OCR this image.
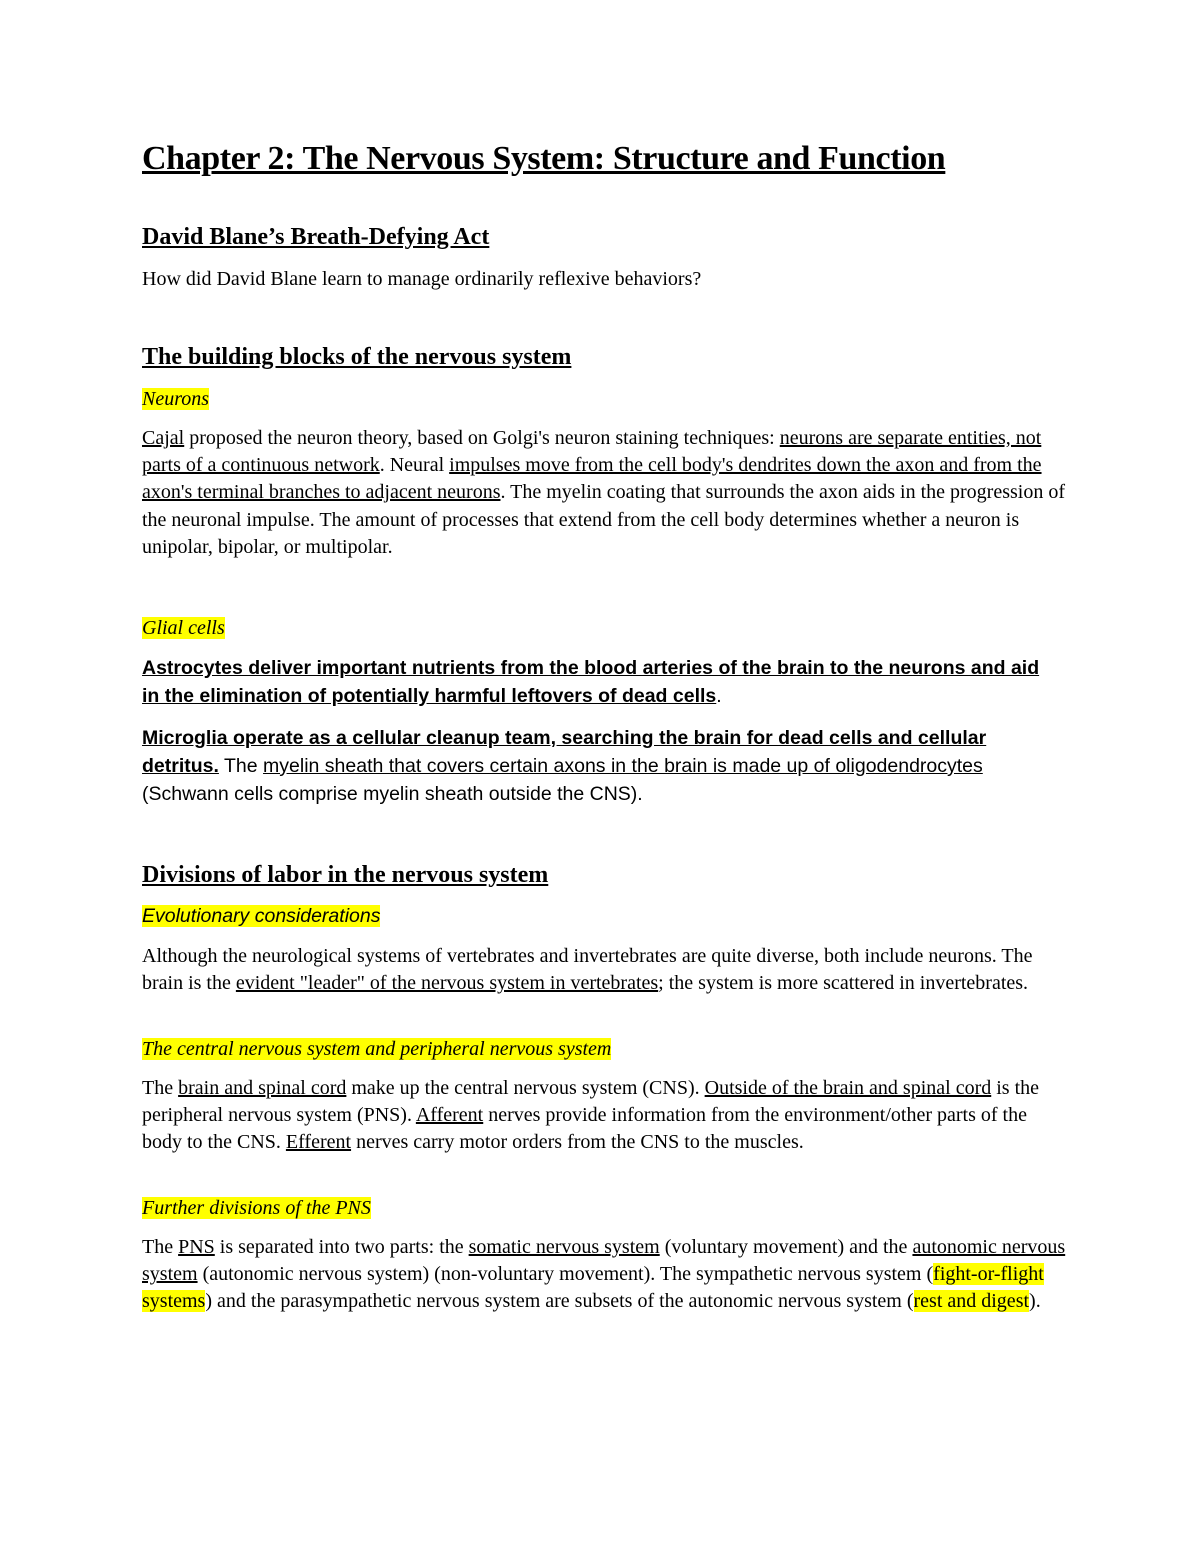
Chapter 2: The Nervous System: Structure and Function
David Blane’s Breath-Defying Act
How did David Blane learn to manage ordinarily reflexive behaviors?
The building blocks of the nervous system
Neurons
Cajal proposed the neuron theory, based on Golgi's neuron staining techniques: neurons are separate entities, not parts of a continuous network. Neural impulses move from the cell body's dendrites down the axon and from the axon's terminal branches to adjacent neurons. The myelin coating that surrounds the axon aids in the progression of the neuronal impulse. The amount of processes that extend from the cell body determines whether a neuron is unipolar, bipolar, or multipolar.
Glial cells
Astrocytes deliver important nutrients from the blood arteries of the brain to the neurons and aid in the elimination of potentially harmful leftovers of dead cells.
Microglia operate as a cellular cleanup team, searching the brain for dead cells and cellular detritus. The myelin sheath that covers certain axons in the brain is made up of oligodendrocytes (Schwann cells comprise myelin sheath outside the CNS).
Divisions of labor in the nervous system
Evolutionary considerations
Although the neurological systems of vertebrates and invertebrates are quite diverse, both include neurons. The brain is the evident "leader" of the nervous system in vertebrates; the system is more scattered in invertebrates.
The central nervous system and peripheral nervous system
The brain and spinal cord make up the central nervous system (CNS). Outside of the brain and spinal cord is the peripheral nervous system (PNS). Afferent nerves provide information from the environment/other parts of the body to the CNS. Efferent nerves carry motor orders from the CNS to the muscles.
Further divisions of the PNS
The PNS is separated into two parts: the somatic nervous system (voluntary movement) and the autonomic nervous system (autonomic nervous system) (non-voluntary movement). The sympathetic nervous system (fight-or-flight systems) and the parasympathetic nervous system are subsets of the autonomic nervous system (rest and digest).
